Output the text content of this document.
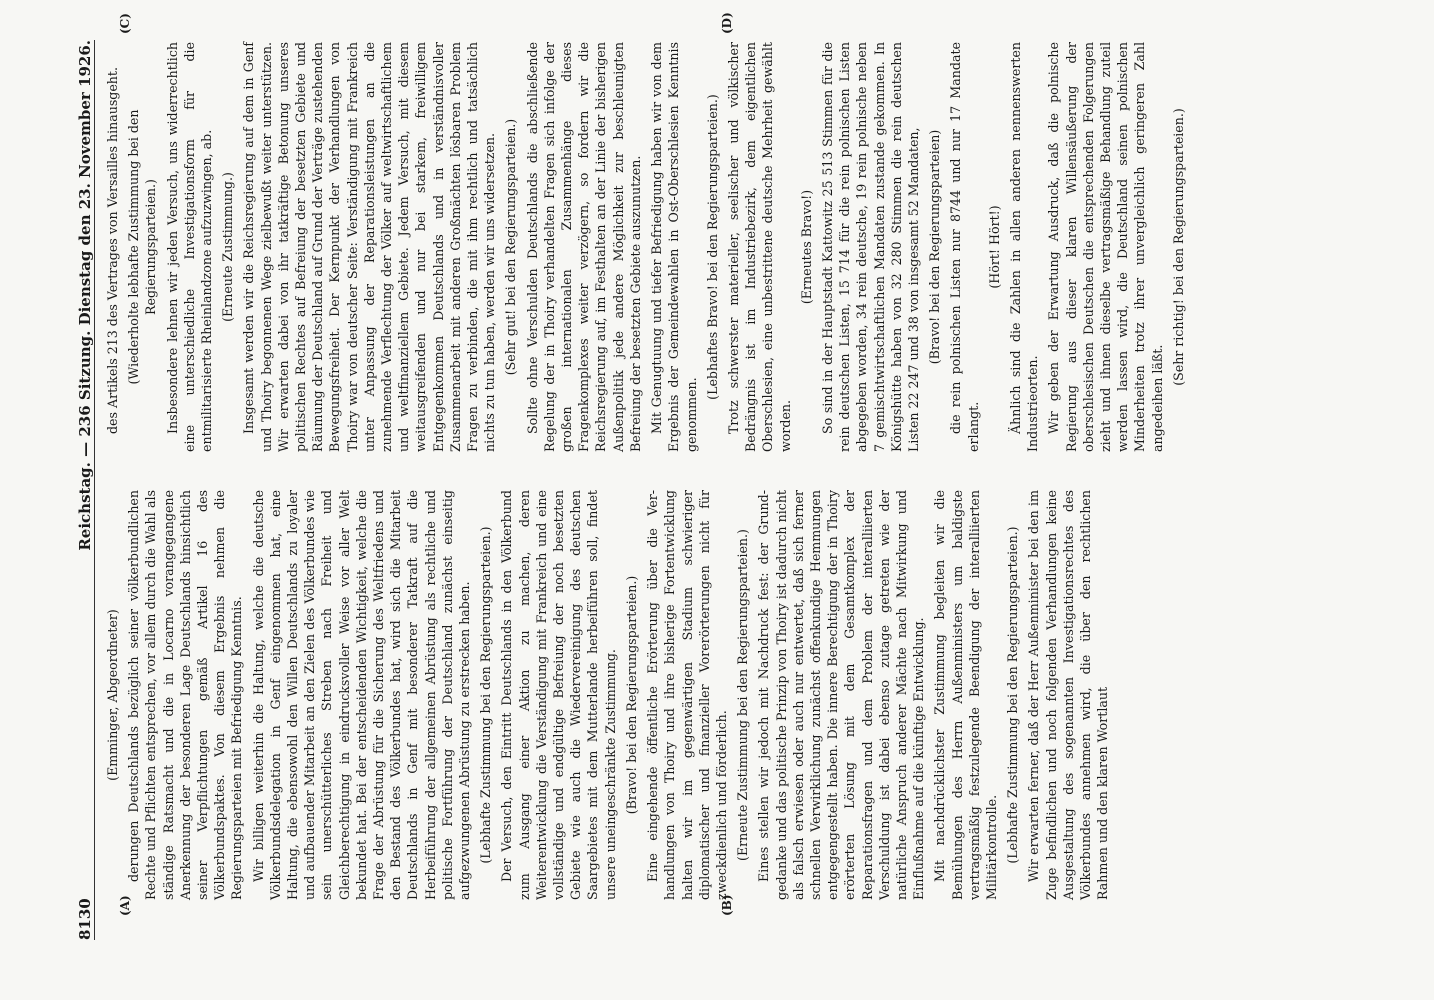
8130
Reichstag. — 236 Sitzung. Dienstag den 23. November 1926.
(A)	(B)
(C)	(D)

(Emminger, Abgeordneter) derungen Deutschlands bezüglich seiner völkerbundlichen Rechte und Pflichten entsprechen, vor allem durch die Wahl als ständige Ratsmacht und die in Locarno vorangegangene Anerkennung der besonderen Lage Deutschlands hinsichtlich seiner Verpflichtungen gemäß Artikel 16 des Völkerbundspaktes. Von diesem Ergebnis nehmen die Regierungsparteien mit Befriedigung Kenntnis. Wir billigen weiterhin die Haltung, welche die deutsche Völkerbundsdelegation in Genf eingenommen hat, eine Haltung, die ebensowohl den Willen Deutschlands zu loyaler und aufbauender Mitarbeit an den Zielen des Völkerbundes wie sein unerschütterliches Streben nach Freiheit und Gleichberechtigung in eindrucksvoller Weise vor aller Welt bekundet hat. Bei der entscheidenden Wichtigkeit, welche die Frage der Abrüstung für die Sicherung des Weltfriedens und den Bestand des Völkerbundes hat, wird sich die Mitarbeit Deutschlands in Genf mit besonderer Tatkraft auf die Herbeiführung der allgemeinen Abrüstung als rechtliche und politische Fortführung der Deutschland zunächst einseitig aufgezwungenen Abrüstung zu erstrecken haben. (Lebhafte Zustimmung bei den Regierungsparteien.) Der Versuch, den Eintritt Deutschlands in den Völkerbund zum Ausgang einer Aktion zu machen, deren Weiterentwicklung die Verständigung mit Frankreich und eine vollständige und endgültige Befreiung der noch besetzten Gebiete wie auch die Wiedervereinigung des deutschen Saargebietes mit dem Mutterlande herbeiführen soll, findet unsere uneingeschränkte Zustimmung. (Bravo! bei den Regierungsparteien.) Eine eingehende öffentliche Erörterung über die Verhandlungen von Thoiry und ihre bisherige Fortentwicklung halten wir im gegenwärtigen Stadium schwieriger diplomatischer und finanzieller Vorerörterungen nicht für zweckdienlich und förderlich. (Erneute Zustimmung bei den Regierungsparteien.) Eines stellen wir jedoch mit Nachdruck fest: der Grundgedanke und das politische Prinzip von Thoiry ist dadurch nicht als falsch erwiesen oder auch nur entwertet, daß sich ferner schnellen Verwirklichung zunächst offenkundige Hemmungen entgegengestellt haben. Die innere Berechtigung der in Thoiry erörterten Lösung mit dem Gesamtkomplex der Reparationsfragen und dem Problem der interalliierten Verschuldung ist dabei ebenso zutage getreten wie der natürliche Anspruch anderer Mächte nach Mitwirkung und Einflußnahme auf die künftige Entwicklung. Mit nachdrücklichster Zustimmung begleiten wir die Bemühungen des Herrn Außenministers um baldigste vertragsmäßig festzulegende Beendigung der interalliierten Militärkontrolle. (Lebhafte Zustimmung bei den Regierungsparteien.) Wir erwarten ferner, daß der Herr Außenminister bei den im Zuge befindlichen und noch folgenden Verhandlungen keine Ausgestaltung des sogenannten Investigationsrechtes des Völkerbundes annehmen wird, die über den rechtlichen Rahmen und den klaren Wortlaut

des Artikels 213 des Vertrages von Versailles hinausgeht. (Wiederholte lebhafte Zustimmung bei den Regierungsparteien.) Insbesondere lehnen wir jeden Versuch, uns widerrechtlich eine unterschiedliche Investigationsform für die entmilitarisierte Rheinlandzone aufzuzwingen, ab. (Erneute Zustimmung.) Insgesamt werden wir die Reichsregierung auf dem in Genf und Thoiry begonnenen Wege zielbewußt weiter unterstützen. Wir erwarten dabei von ihr tatkräftige Betonung unseres politischen Rechtes auf Befreiung der besetzten Gebiete und Räumung der Deutschland auf Grund der Verträge zustehenden Bewegungsfreiheit. Der Kernpunkt der Verhandlungen von Thoiry war von deutscher Seite: Verständigung mit Frankreich unter Anpassung der Reparationsleistungen an die zunehmende Verflechtung der Völker auf weltwirtschaftlichem und weltfinanziellem Gebiete. Jedem Versuch, mit diesem weitausgreifenden und nur bei starkem, freiwilligem Entgegenkommen Deutschlands und in verständnisvoller Zusammenarbeit mit anderen Großmächten lösbaren Problem Fragen zu verbinden, die mit ihm rechtlich und tatsächlich nichts zu tun haben, werden wir uns widersetzen. (Sehr gut! bei den Regierungsparteien.) Sollte ohne Verschulden Deutschlands die abschließende Regelung der in Thoiry verhandelten Fragen sich infolge der großen internationalen Zusammenhänge dieses Fragenkomplexes weiter verzögern, so fordern wir die Reichsregierung auf, im Festhalten an der Linie der bisherigen Außenpolitik jede andere Möglichkeit zur beschleunigten Befreiung der besetzten Gebiete auszunutzen. Mit Genugtuung und tiefer Befriedigung haben wir von dem Ergebnis der Gemeindewahlen in Ost-Oberschlesien Kenntnis genommen.

(Lebhaftes Bravo! bei den Regierungsparteien.) Trotz schwerster materieller, seelischer und völkischer Bedrängnis ist im Industriebezirk, dem eigentlichen Oberschlesien, eine unbestrittene deutsche Mehrheit gewählt worden.

(Erneutes Bravo!) So sind in der Hauptstadt Kattowitz 25 513 Stimmen für die rein deutschen Listen, 15 714 für die rein polnischen Listen abgegeben worden, 34 rein deutsche, 19 rein polnische neben 7 gemischtwirtschaftlichen Mandaten zustande gekommen. In Königshütte haben von 32 280 Stimmen die rein deutschen Listen 22 247 und 38 von insgesamt 52 Mandaten, (Bravo! bei den Regierungsparteien) die rein polnischen Listen nur 8744 und nur 17 Mandate erlangt.

(Hört! Hört!) Ähnlich sind die Zahlen in allen anderen nennenswerten Industrieorten. Wir geben der Erwartung Ausdruck, daß die polnische Regierung aus dieser klaren Willensäußerung der oberschlesischen Deutschen die entsprechenden Folgerungen zieht und ihnen dieselbe vertragsmäßige Behandlung zuteil werden lassen wird, die Deutschland seinen polnischen Minderheiten trotz ihrer unvergleichlich geringeren Zahl angedeihen läßt.

(Sehr richtig! bei den Regierungsparteien.)
